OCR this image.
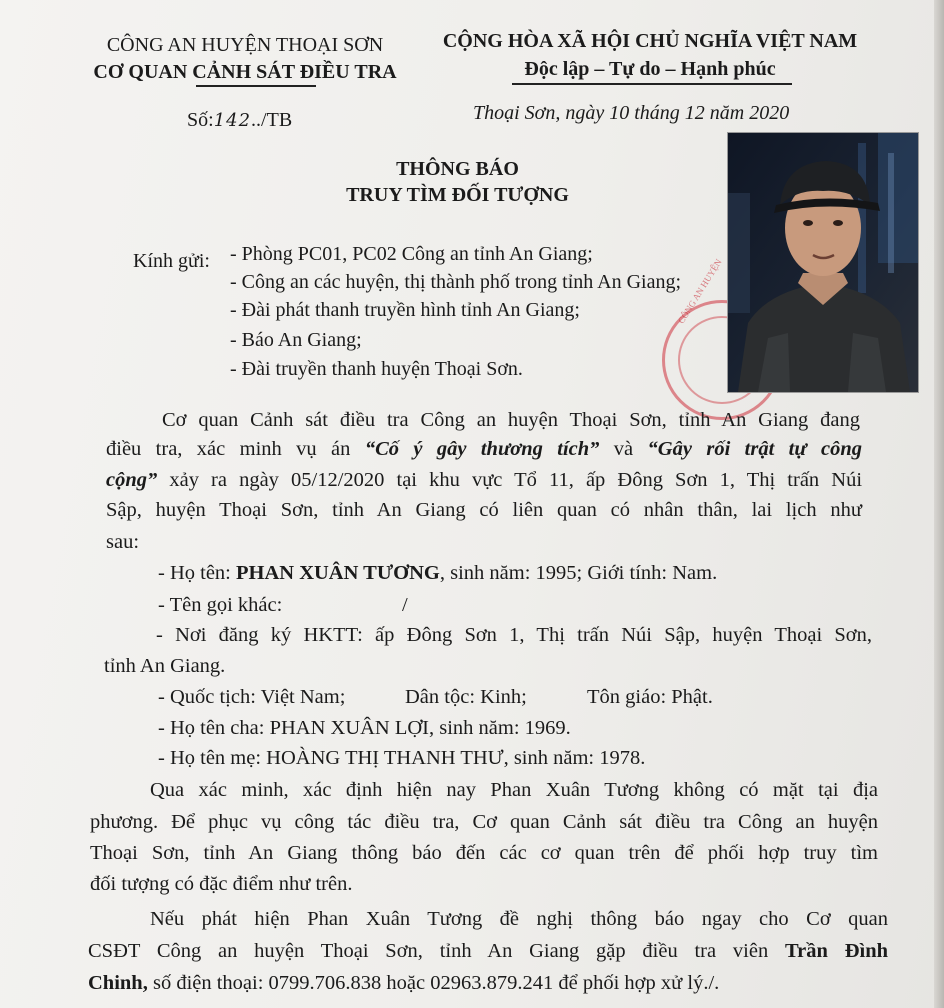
CÔNG AN HUYỆN THOẠI SƠN
CƠ QUAN CẢNH SÁT ĐIỀU TRA
CỘNG HÒA XÃ HỘI CHỦ NGHĨA VIỆT NAM
Độc lập – Tự do – Hạnh phúc
Số:142../TB	Thoại Sơn, ngày 10 tháng 12 năm 2020
THÔNG BÁO
TRUY TÌM ĐỐI TƯỢNG
CÔNG AN HUYỆN
Kính gửi: - Phòng PC01, PC02 Công an tỉnh An Giang;
- Công an các huyện, thị thành phố trong tỉnh An Giang;
- Đài phát thanh truyền hình tỉnh An Giang;
- Báo An Giang;
- Đài truyền thanh huyện Thoại Sơn.
Cơ quan Cảnh sát điều tra Công an huyện Thoại Sơn, tỉnh An Giang đang
điều tra, xác minh vụ án “Cố ý gây thương tích” và “Gây rối trật tự công
cộng” xảy ra ngày 05/12/2020 tại khu vực Tổ 11, ấp Đông Sơn 1, Thị trấn Núi
Sập, huyện Thoại Sơn, tỉnh An Giang có liên quan có nhân thân, lai lịch như
sau:
- Họ tên: PHAN XUÂN TƯƠNG, sinh năm: 1995; Giới tính: Nam.
- Tên gọi khác:	/
- Nơi đăng ký HKTT: ấp Đông Sơn 1, Thị trấn Núi Sập, huyện Thoại Sơn,
tỉnh An Giang.
- Quốc tịch: Việt Nam;	Dân tộc: Kinh;	Tôn giáo: Phật.
- Họ tên cha: PHAN XUÂN LỢI, sinh năm: 1969.
- Họ tên mẹ: HOÀNG THỊ THANH THƯ, sinh năm: 1978.
Qua xác minh, xác định hiện nay Phan Xuân Tương không có mặt tại địa
phương. Để phục vụ công tác điều tra, Cơ quan Cảnh sát điều tra Công an huyện
Thoại Sơn, tỉnh An Giang thông báo đến các cơ quan trên để phối hợp truy tìm
đối tượng có đặc điểm như trên.
Nếu phát hiện Phan Xuân Tương đề nghị thông báo ngay cho Cơ quan
CSĐT Công an huyện Thoại Sơn, tỉnh An Giang gặp điều tra viên Trần Đình
Chinh, số điện thoại: 0799.706.838 hoặc 02963.879.241 để phối hợp xử lý./.
